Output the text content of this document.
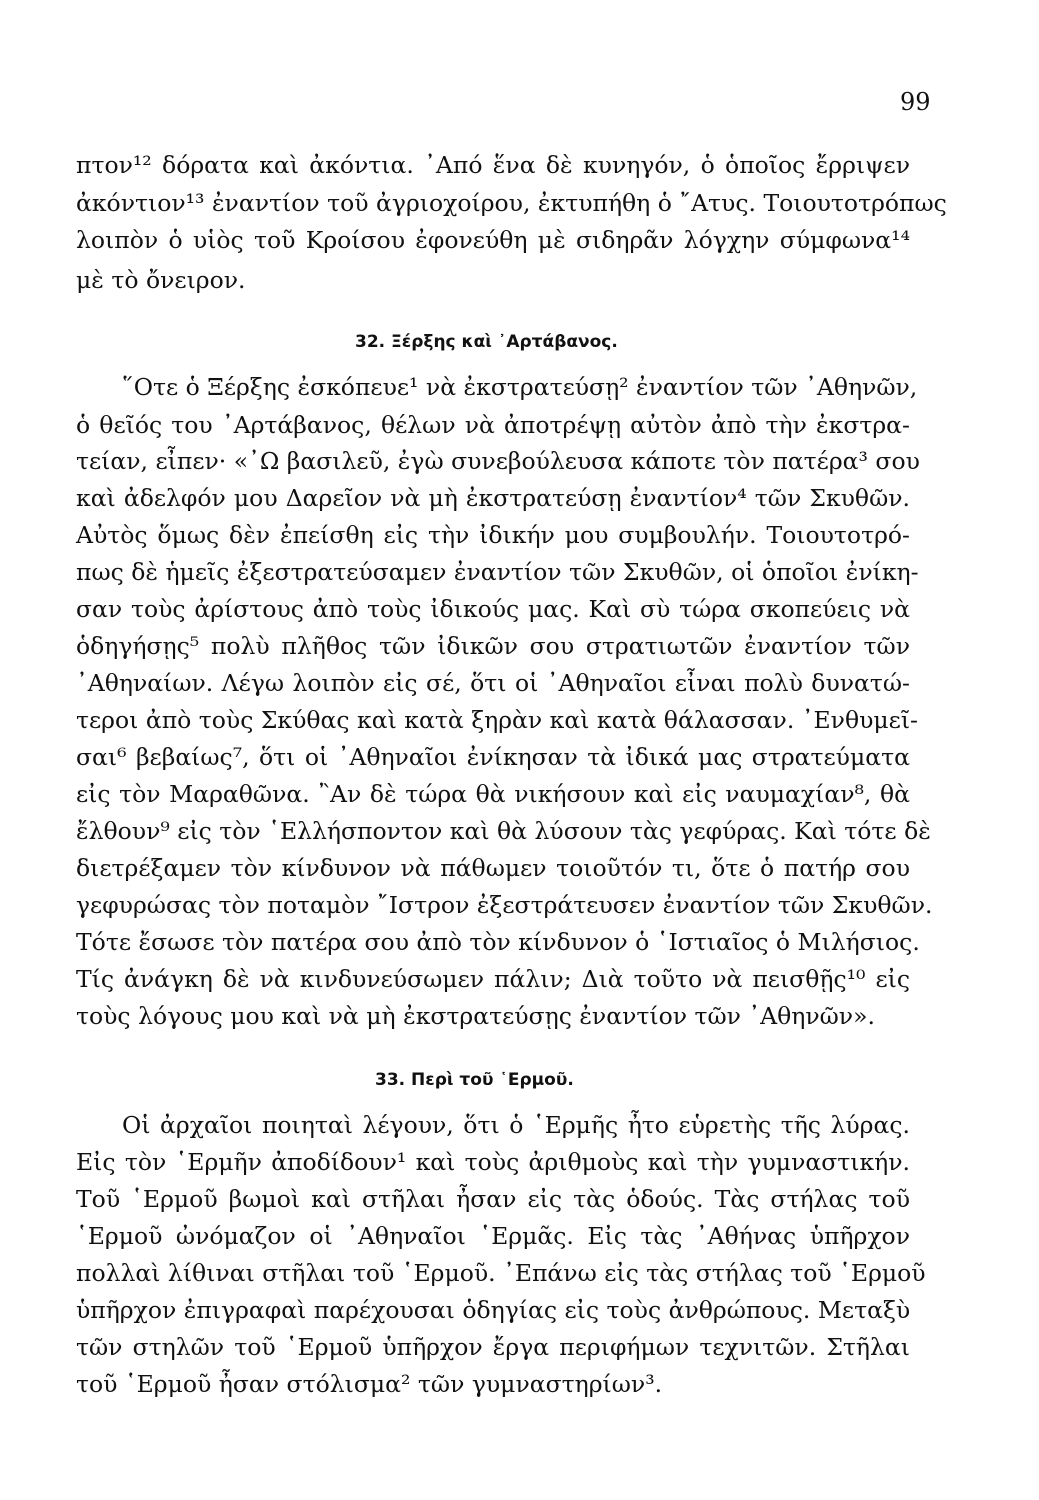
99
πτον¹² δόρατα καὶ ἀκόντια. ᾿Από ἕνα δὲ κυνηγόν, ὁ ὁποῖος ἔρριψεν
ἀκόντιον¹³ ἐναντίον τοῦ ἀγριοχοίρου, ἐκτυπήθη ὁ ῎Ατυς. Τοιουτοτρόπως
λοιπὸν ὁ υἱὸς τοῦ Κροίσου ἐφονεύθη μὲ σιδηρᾶν λόγχην σύμφωνα¹⁴
μὲ τὸ ὄνειρον.
32. Ξέρξης καὶ ᾿Αρτάβανος.
῞Οτε ὁ Ξέρξης ἐσκόπευε¹ νὰ ἐκστρατεύσῃ² ἐναντίον τῶν ᾿Αθηνῶν,
ὁ θεῖός του ᾿Αρτάβανος, θέλων νὰ ἀποτρέψῃ αὐτὸν ἀπὸ τὴν ἐκστρα-
τείαν, εἶπεν· «᾿Ω βασιλεῦ, ἐγὼ συνεβούλευσα κάποτε τὸν πατέρα³ σου
καὶ ἀδελφόν μου Δαρεῖον νὰ μὴ ἐκστρατεύσῃ ἐναντίον⁴ τῶν Σκυθῶν.
Αὐτὸς ὅμως δὲν ἐπείσθη εἰς τὴν ἰδικήν μου συμβουλήν. Τοιουτοτρό-
πως δὲ ἡμεῖς ἐξεστρατεύσαμεν ἐναντίον τῶν Σκυθῶν, οἱ ὁποῖοι ἐνίκη-
σαν τοὺς ἀρίστους ἀπὸ τοὺς ἰδικούς μας. Καὶ σὺ τώρα σκοπεύεις νὰ
ὁδηγήσῃς⁵ πολὺ πλῆθος τῶν ἰδικῶν σου στρατιωτῶν ἐναντίον τῶν
᾿Αθηναίων. Λέγω λοιπὸν εἰς σέ, ὅτι οἱ ᾿Αθηναῖοι εἶναι πολὺ δυνατώ-
τεροι ἀπὸ τοὺς Σκύθας καὶ κατὰ ξηρὰν καὶ κατὰ θάλασσαν. ᾿Ενθυμεῖ-
σαι⁶ βεβαίως⁷, ὅτι οἱ ᾿Αθηναῖοι ἐνίκησαν τὰ ἰδικά μας στρατεύματα
εἰς τὸν Μαραθῶνα. ῍Αν δὲ τώρα θὰ νικήσουν καὶ εἰς ναυμαχίαν⁸, θὰ
ἔλθουν⁹ εἰς τὸν ῾Ελλήσποντον καὶ θὰ λύσουν τὰς γεφύρας. Καὶ τότε δὲ
διετρέξαμεν τὸν κίνδυνον νὰ πάθωμεν τοιοῦτόν τι, ὅτε ὁ πατήρ σου
γεφυρώσας τὸν ποταμὸν ῎Ιστρον ἐξεστράτευσεν ἐναντίον τῶν Σκυθῶν.
Τότε ἔσωσε τὸν πατέρα σου ἀπὸ τὸν κίνδυνον ὁ ῾Ιστιαῖος ὁ Μιλήσιος.
Τίς ἀνάγκη δὲ νὰ κινδυνεύσωμεν πάλιν; Διὰ τοῦτο νὰ πεισθῇς¹⁰ εἰς
τοὺς λόγους μου καὶ νὰ μὴ ἐκστρατεύσῃς ἐναντίον τῶν ᾿Αθηνῶν».
33. Περὶ τοῦ ῾Ερμοῦ.
Οἱ ἀρχαῖοι ποιηταὶ λέγουν, ὅτι ὁ ῾Ερμῆς ἦτο εὑρετὴς τῆς λύρας.
Εἰς τὸν ῾Ερμῆν ἀποδίδουν¹ καὶ τοὺς ἀριθμοὺς καὶ τὴν γυμναστικήν.
Τοῦ ῾Ερμοῦ βωμοὶ καὶ στῆλαι ἦσαν εἰς τὰς ὁδούς. Τὰς στήλας τοῦ
῾Ερμοῦ ὠνόμαζον οἱ ᾿Αθηναῖοι ῾Ερμᾶς. Εἰς τὰς ᾿Αθήνας ὑπῆρχον
πολλαὶ λίθιναι στῆλαι τοῦ ῾Ερμοῦ. ᾿Επάνω εἰς τὰς στήλας τοῦ ῾Ερμοῦ
ὑπῆρχον ἐπιγραφαὶ παρέχουσαι ὁδηγίας εἰς τοὺς ἀνθρώπους. Μεταξὺ
τῶν στηλῶν τοῦ ῾Ερμοῦ ὑπῆρχον ἔργα περιφήμων τεχνιτῶν. Στῆλαι
τοῦ ῾Ερμοῦ ἦσαν στόλισμα² τῶν γυμναστηρίων³.
